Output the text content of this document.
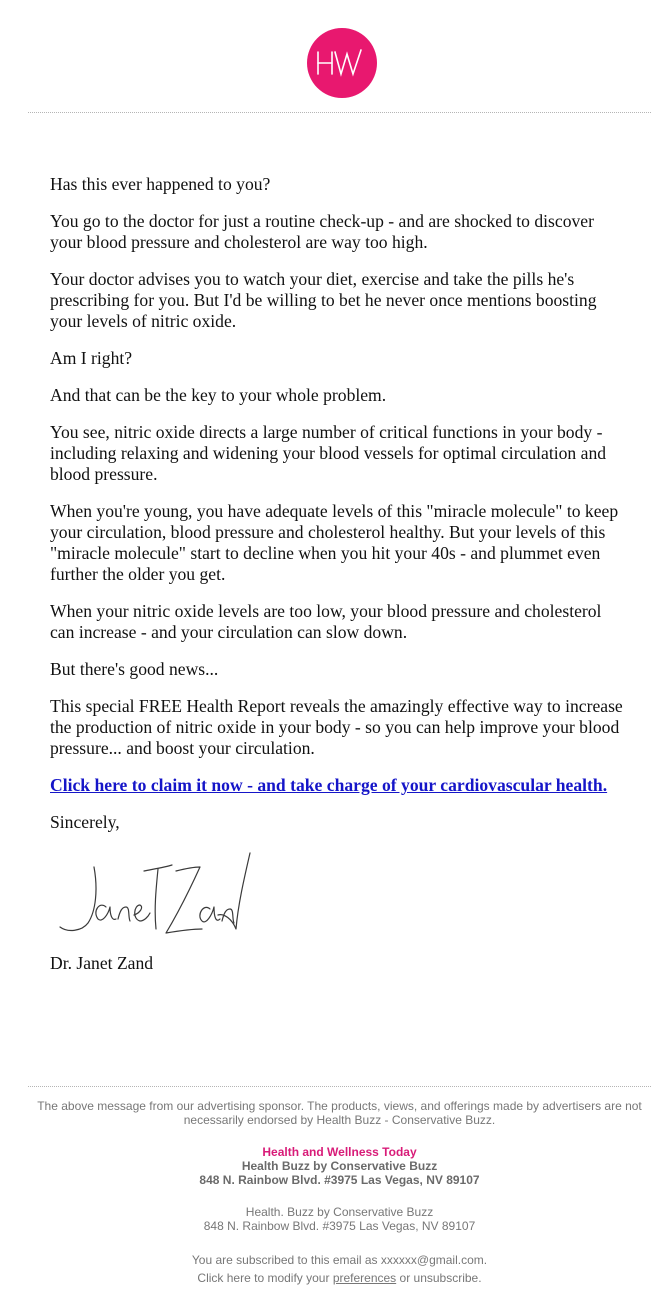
Has this ever happened to you?

You go to the doctor for just a routine check-up - and are shocked to discover your blood pressure and cholesterol are way too high.

Your doctor advises you to watch your diet, exercise and take the pills he's prescribing for you. But I'd be willing to bet he never once mentions boosting your levels of nitric oxide.

Am I right?

And that can be the key to your whole problem.

You see, nitric oxide directs a large number of critical functions in your body - including relaxing and widening your blood vessels for optimal circulation and blood pressure.

When you're young, you have adequate levels of this "miracle molecule" to keep your circulation, blood pressure and cholesterol healthy. But your levels of this "miracle molecule" start to decline when you hit your 40s - and plummet even further the older you get.

When your nitric oxide levels are too low, your blood pressure and cholesterol can increase - and your circulation can slow down.

But there's good news...

This special FREE Health Report reveals the amazingly effective way to increase the production of nitric oxide in your body - so you can help improve your blood pressure... and boost your circulation.

Click here to claim it now - and take charge of your cardiovascular health.

Sincerely,

Dr. Janet Zand

The above message from our advertising sponsor. The products, views, and offerings made by advertisers are not necessarily endorsed by Health Buzz - Conservative Buzz.

Health and Wellness Today

Health Buzz by Conservative Buzz

848 N. Rainbow Blvd. #3975 Las Vegas, NV 89107

Health. Buzz by Conservative Buzz

848 N. Rainbow Blvd. #3975 Las Vegas, NV 89107

You are subscribed to this email as xxxxxx@gmail.com.

Click here to modify your preferences or unsubscribe.
